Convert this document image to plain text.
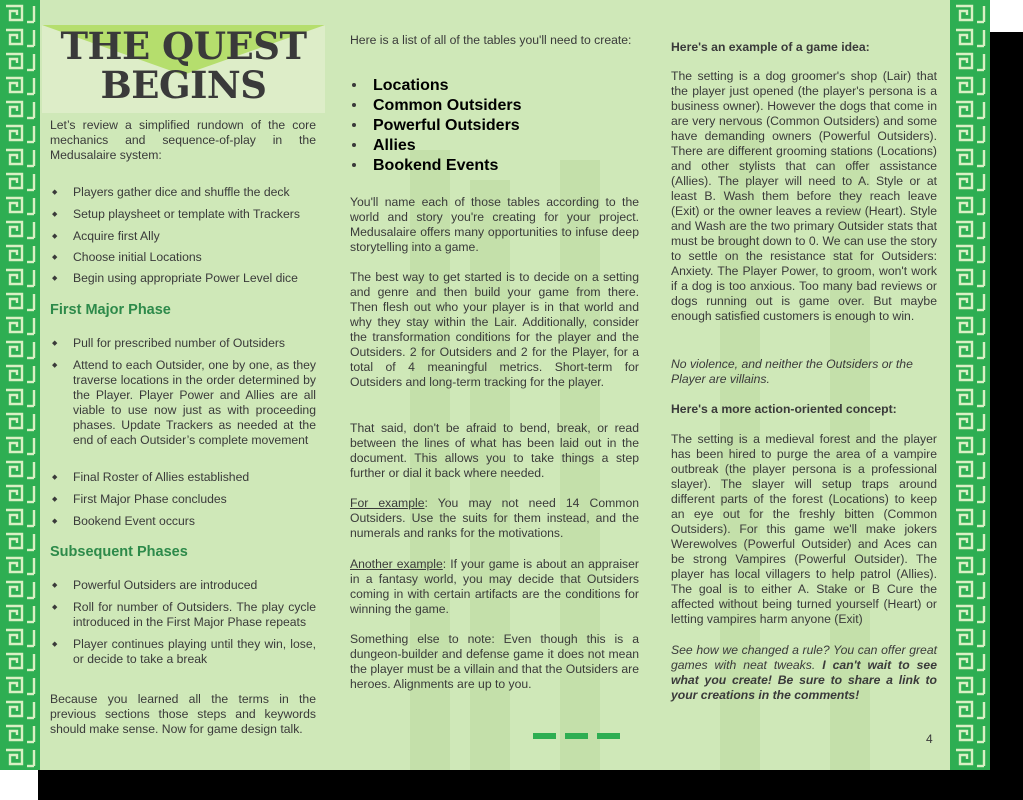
THE QUEST
BEGINS

Let’s review a simplified rundown of the core mechanics and sequence-of-play in the Medusalaire system:

◆ Players gather dice and shuffle the deck
◆ Setup playsheet or template with Trackers
◆ Acquire first Ally
◆ Choose initial Locations
◆ Begin using appropriate Power Level dice
First Major Phase
◆ Pull for prescribed number of Outsiders
◆ Attend to each Outsider, one by one, as they traverse locations in the order determined by the Player. Player Power and Allies are all viable to use now just as with proceeding phases. Update Trackers as needed at the end of each Outsider’s complete movement
◆ Final Roster of Allies established
◆ First Major Phase concludes
◆ Bookend Event occurs
Subsequent Phases
◆ Powerful Outsiders are introduced
◆ Roll for number of Outsiders. The play cycle introduced in the First Major Phase repeats
◆ Player continues playing until they win, lose, or decide to take a break

Because you learned all the terms in the previous sections those steps and keywords should make sense. Now for game design talk.

Here is a list of all of the tables you'll need to create:

Locations
Common Outsiders
Powerful Outsiders
Allies
Bookend Events

You'll name each of those tables according to the world and story you're creating for your project. Medusalaire offers many opportunities to infuse deep storytelling into a game.

The best way to get started is to decide on a setting and genre and then build your game from there. Then flesh out who your player is in that world and why they stay within the Lair. Additionally, consider the transformation conditions for the player and the Outsiders. 2 for Outsiders and 2 for the Player, for a total of 4 meaningful metrics. Short-term for Outsiders and long-term tracking for the player.

That said, don't be afraid to bend, break, or read between the lines of what has been laid out in the document. This allows you to take things a step further or dial it back where needed.

For example: You may not need 14 Common Outsiders. Use the suits for them instead, and the numerals and ranks for the motivations.

Another example: If your game is about an appraiser in a fantasy world, you may decide that Outsiders coming in with certain artifacts are the conditions for winning the game.

Something else to note: Even though this is a dungeon-builder and defense game it does not mean the player must be a villain and that the Outsiders are heroes. Alignments are up to you.

Here's an example of a game idea:

The setting is a dog groomer's shop (Lair) that the player just opened (the player's persona is a business owner). However the dogs that come in are very nervous (Common Outsiders) and some have demanding owners (Powerful Outsiders). There are different grooming stations (Locations) and other stylists that can offer assistance (Allies). The player will need to A. Style or at least B. Wash them before they reach leave (Exit) or the owner leaves a review (Heart). Style and Wash are the two primary Outsider stats that must be brought down to 0. We can use the story to settle on the resistance stat for Outsiders: Anxiety. The Player Power, to groom, won't work if a dog is too anxious. Too many bad reviews or dogs running out is game over. But maybe enough satisfied customers is enough to win.

No violence, and neither the Outsiders or the Player are villains.

Here's a more action-oriented concept:

The setting is a medieval forest and the player has been hired to purge the area of a vampire outbreak (the player persona is a professional slayer). The slayer will setup traps around different parts of the forest (Locations) to keep an eye out for the freshly bitten (Common Outsiders). For this game we'll make jokers Werewolves (Powerful Outsider) and Aces can be strong Vampires (Powerful Outsider). The player has local villagers to help patrol (Allies). The goal is to either A. Stake or B Cure the affected without being turned yourself (Heart) or letting vampires harm anyone (Exit)

See how we changed a rule? You can offer great games with neat tweaks. I can't wait to see what you create! Be sure to share a link to your creations in the comments!

4
